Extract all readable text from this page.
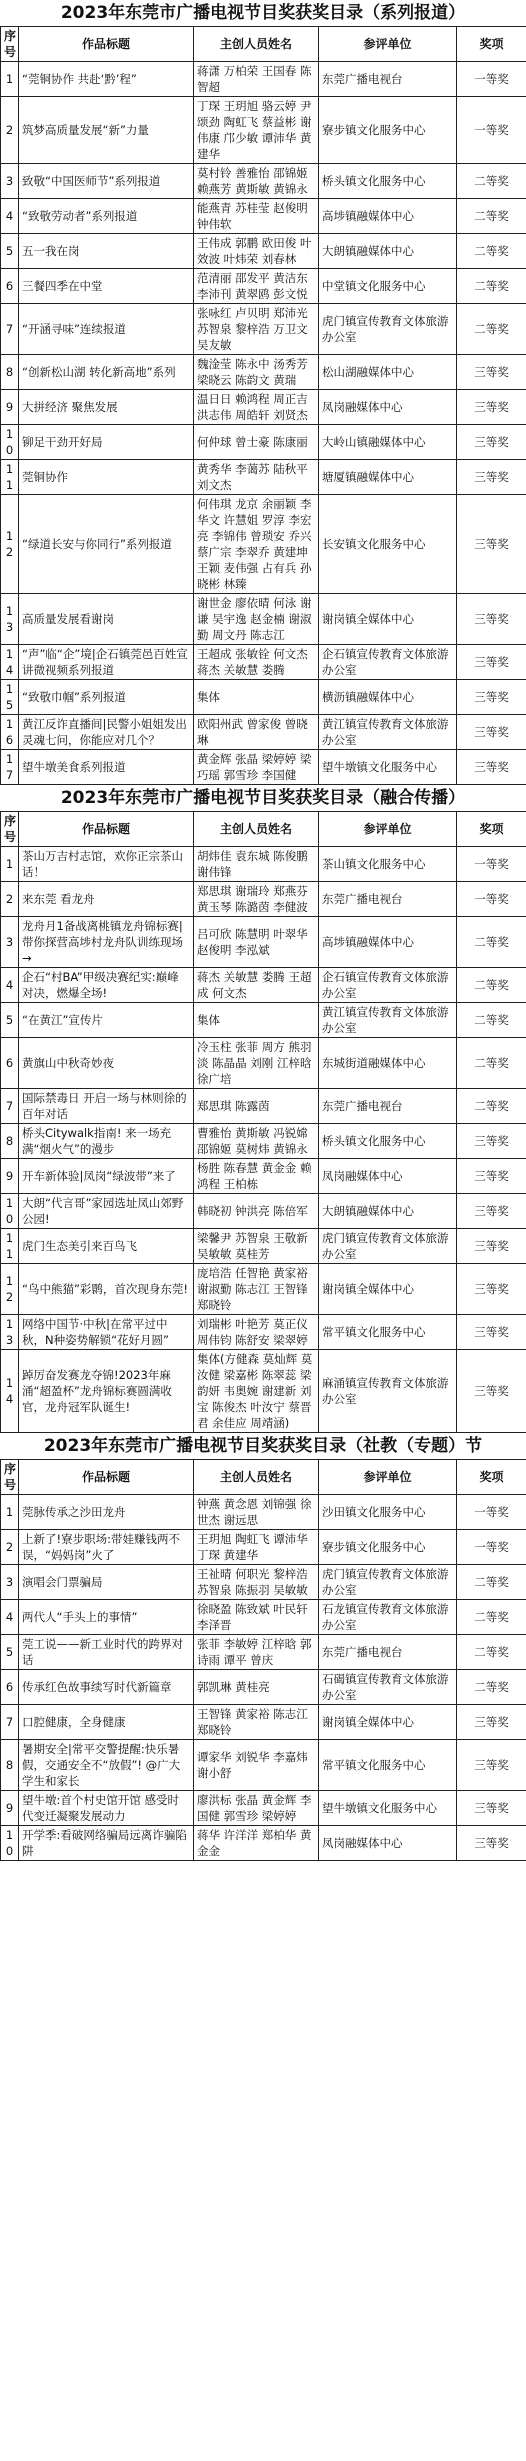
2023年东莞市广播电视节目奖获奖目录（系列报道）
序号	作品标题	主创人员姓名	参评单位	奖项
1	“莞铜协作 共赴‘黔’程”	蒋潇 万柏荣 王国春 陈智超	东莞广播电视台	一等奖
2	筑梦高质量发展“新”力量	丁琛 王玥旭 骆云婷 尹颂劲 陶虹飞 蔡益彬 谢伟康 邝少敏 谭沛华 黄建华	寮步镇文化服务中心	一等奖
3	致敬“中国医师节”系列报道	莫村铃 善雅怡 邵锦姬 赖燕芳 黄斯敏 黄锦永	桥头镇文化服务中心	二等奖
4	“致敬劳动者”系列报道	能燕青 苏桂莹 赵俊明 钟伟软	高埗镇融媒体中心	二等奖
5	五一我在岗	王伟成 郭鹏 欧田俊 叶效波 叶炜荣 刘春林	大朗镇融媒体中心	二等奖
6	三餐四季在中堂	范清丽 邵发平 黄洁东 李沛刊 黄翠鸥 彭文悦	中堂镇文化服务中心	二等奖
7	“开涵寻味”连续报道	张咏红 卢贝明 郑沛光 苏智泉 黎梓浩 万卫文 吴友敏	虎门镇宣传教育文体旅游办公室	二等奖
8	“创新松山湖 转化新高地”系列	魏淦莹 陈永中 汤秀芳 梁晓云 陈韵文 黄瑞	松山湖融媒体中心	三等奖
9	大拼经济 聚焦发展	温日日 赖鸿程 周正吉 洪志伟 周皓轩 刘贤杰	凤岗融媒体中心	三等奖
10	铆足干劲开好局	何仲球 曾士豪 陈康丽	大岭山镇融媒体中心	三等奖
11	莞铜协作	黄秀华 李蔼苏 陆秋平 刘文杰	塘厦镇融媒体中心	三等奖
12	“绿道长安与你同行”系列报道	何伟琪 龙京 余丽颖 李华文 许慧姐 罗淳 李宏亮 李锦伟 曾琐安 乔兴 蔡广宗 李翠乔 黄建坤 王颖 麦伟强 占有兵 孙晓彬 林臻	长安镇文化服务中心	三等奖
13	高质量发展看谢岗	谢世金 廖依晴 何泳 谢谦 吴宇逸 赵金楠 谢淑勤 周文丹 陈志江	谢岗镇全媒体中心	三等奖
14	“声”临“企”境|企石镇莞邑百姓宣讲微视频系列报道	王超成 张敏铨 何文杰 蒋杰 关敏慧 娄腾	企石镇宣传教育文体旅游办公室	三等奖
15	“致敬巾帼”系列报道	集体	横沥镇融媒体中心	三等奖
16	黄江反诈直播间|民警小姐姐发出灵魂七问，你能应对几个？	欧阳州武 曾家俊 曾晓琳	黄江镇宣传教育文体旅游办公室	三等奖
17	望牛墩美食系列报道	黄金辉 张晶 梁婷婷 梁巧瑶 郭雪珍 李国健	望牛墩镇文化服务中心	三等奖
2023年东莞市广播电视节目奖获奖目录（融合传播）
序号	作品标题	主创人员姓名	参评单位	奖项
1	茶山万吉村志馆，欢你正宗茶山话！	胡炜佳 袁东城 陈俊鹏 谢伟锋	茶山镇文化服务中心	一等奖
2	来东莞 看龙舟	郑思琪 谢瑞玲 郑燕芬 黄玉琴 陈潞茵 李健波	东莞广播电视台	一等奖
3	龙舟月1备战离桃镇龙舟锦标赛|带你探营高埗村龙舟队训练现场→	吕可欣 陈慧明 叶翠华 赵俊明 李泓斌	高埗镇融媒体中心	二等奖
4	企石“村BA”甲级决赛纪实:巅峰对决，燃爆全场!	蒋杰 关敏慧 娄腾 王超成 何文杰	企石镇宣传教育文体旅游办公室	二等奖
5	“在黄江”宣传片	集体	黄江镇宣传教育文体旅游办公室	二等奖
6	黄旗山中秋奇妙夜	冷玉柱 张菲 周方 熊羽淡 陈晶晶 刘刚 江梓晗 徐广培	东城街道融媒体中心	二等奖
7	国际禁毒日 开启一场与林则徐的百年对话	郑思琪 陈露茵	东莞广播电视台	二等奖
8	桥头Citywalk指南! 来一场充满“烟火气”的漫步	曹雅怡 黄斯敏 冯锐嫦 邵锦姬 莫树炜 黄锦永	桥头镇文化服务中心	三等奖
9	开车新体验|凤岗“绿波带”来了	杨胜 陈春慧 黄金金 赖鸿程 王柏栋	凤岗融媒体中心	三等奖
10	大朗“代言哥”家园选址凤山郊野公园!	韩晓初 钟洪亮 陈倍军	大朗镇融媒体中心	三等奖
11	虎门生态美引来百鸟飞	梁馨尹 苏智泉 王敬新 吴敏敏 莫桂芳	虎门镇宣传教育文体旅游办公室	三等奖
12	“鸟中熊猫”彩鹮，首次现身东莞!	庞培浩 任智艳 黄家裕 谢淑勤 陈志江 王智锋 郑晓铃	谢岗镇全媒体中心	三等奖
13	网络中国节·中秋|在常平过中秋，N种姿势解锁“花好月圆”	刘瑞彬 叶艳芳 莫正仪 周伟钧 陈舒安 梁翠婷	常平镇文化服务中心	三等奖
14	踔厉奋发赛龙夺锦!2023年麻涌“超盈杯”龙舟锦标赛圆满收官，龙舟冠军队诞生!	集体(方健森 莫灿辉 莫汝健 梁嘉彬 陈翠蕊 梁韵妍 韦奥婉 谢建新 刘宝 陈俊杰 叶汝宁 蔡晋君 余佳应 周靖涵)	麻涌镇宣传教育文体旅游办公室	三等奖
2023年东莞市广播电视节目奖获奖目录（社教（专题）节
序号	作品标题	主创人员姓名	参评单位	奖项
1	莞脉传承之沙田龙舟	钟燕 黄念恩 刘锦强 徐世杰 谢远思	沙田镇文化服务中心	一等奖
2	上新了!寮步职场:带娃赚钱两不误，“妈妈岗”火了	王玥旭 陶虹飞 谭沛华 丁琛 黄建华	寮步镇文化服务中心	一等奖
3	演唱会门票骗局	王祉晴 何职光 黎梓浩 苏智泉 陈振羽 吴敏敏	虎门镇宣传教育文体旅游办公室	二等奖
4	两代人“手头上的事情”	徐晓盈 陈致斌 叶民轩 李泽晋	石龙镇宣传教育文体旅游办公室	二等奖
5	莞工说——新工业时代的跨界对话	张菲 李敏婷 江梓晗 郭诗雨 谭平 曾庆	东莞广播电视台	二等奖
6	传承红色故事续写时代新篇章	郭凯琳 黄桂亮	石碣镇宣传教育文体旅游办公室	二等奖
7	口腔健康，全身健康	王智锋 黄家裕 陈志江 郑晓铃	谢岗镇全媒体中心	三等奖
8	暑期安全|常平交警提醒:快乐暑假，交通安全不“放假”! @广大学生和家长	谭家华 刘锐华 李嘉炜 谢小舒	常平镇文化服务中心	三等奖
9	望牛墩:首个村史馆开馆 感受时代变迁凝聚发展动力	廖洪标 张晶 黄金辉 李国健 郭雪珍 梁婷婷	望牛墩镇文化服务中心	三等奖
10	开学季:看破网络骗局远离诈骗陷阱	蒋华 许洋洋 郑柏华 黄金金	凤岗融媒体中心	三等奖
